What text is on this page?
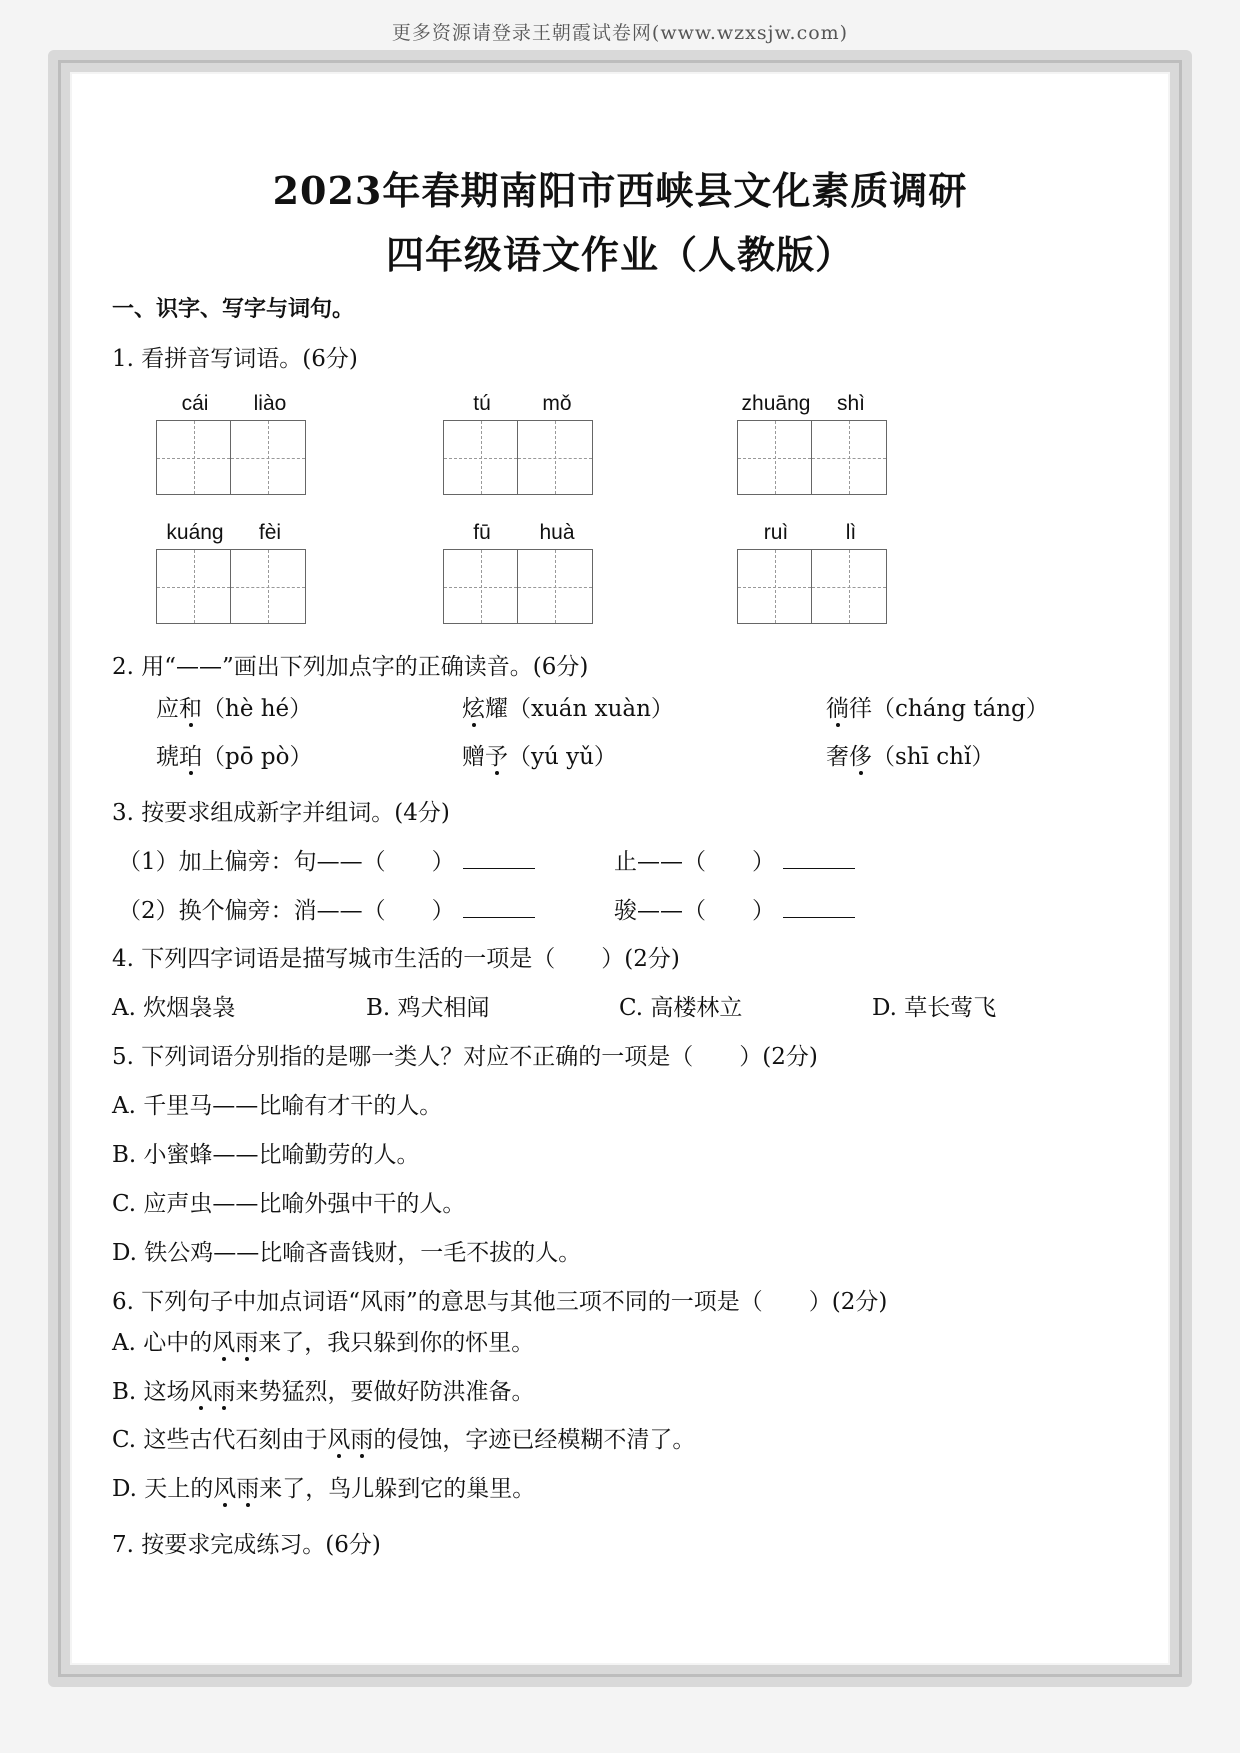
更多资源请登录王朝霞试卷网(www.wzxsjw.com)
2023年春期南阳市西峡县文化素质调研
四年级语文作业（人教版）
一、识字、写字与词句。
1. 看拼音写词语。(6分)
cái	liào	tú	mǒ	zhuāng	shì
kuáng	fèi	fū	huà	ruì	lì
2. 用“——”画出下列加点字的正确读音。(6分)
应和（hè hé）	炫耀（xuán xuàn）	徜徉（cháng táng）
琥珀（pō pò）	赠予（yú yǔ）	奢侈（shī chǐ）
3. 按要求组成新字并组词。(4分)
（1）加上偏旁：句——（　　）	止——（　　）
（2）换个偏旁：消——（　　）	骏——（　　）
4. 下列四字词语是描写城市生活的一项是（　　）(2分)
A. 炊烟袅袅	B. 鸡犬相闻	C. 高楼林立	D. 草长莺飞
5. 下列词语分别指的是哪一类人？对应不正确的一项是（　　）(2分)
A. 千里马——比喻有才干的人。
B. 小蜜蜂——比喻勤劳的人。
C. 应声虫——比喻外强中干的人。
D. 铁公鸡——比喻吝啬钱财，一毛不拔的人。
6. 下列句子中加点词语“风雨”的意思与其他三项不同的一项是（　　）(2分)
A. 心中的风雨来了，我只躲到你的怀里。
B. 这场风雨来势猛烈，要做好防洪准备。
C. 这些古代石刻由于风雨的侵蚀，字迹已经模糊不清了。
D. 天上的风雨来了，鸟儿躲到它的巢里。
7. 按要求完成练习。(6分)
